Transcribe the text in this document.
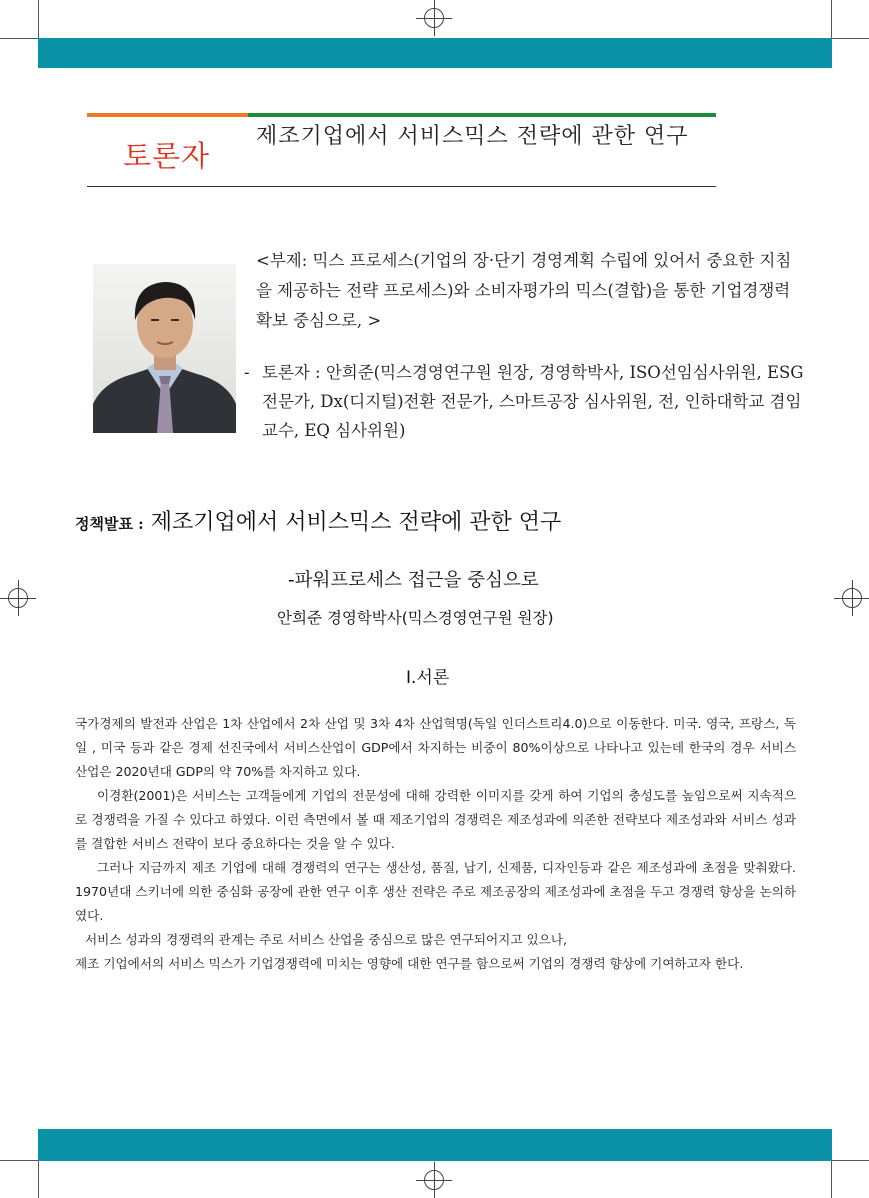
토론자
제조기업에서 서비스믹스 전략에 관한 연구
<부제: 믹스 프로세스(기업의 장·단기 경영계획 수립에 있어서 중요한 지침을 제공하는 전략 프로세스)와 소비자평가의 믹스(결합)을 통한 기업경쟁력 확보 중심으로, >
- 토론자 : 안희준(믹스경영연구원 원장, 경영학박사, ISO선임심사위원, ESG전문가, Dx(디지털)전환 전문가, 스마트공장 심사위원, 전, 인하대학교 겸임교수, EQ 심사위원)
정책발표 : 제조기업에서 서비스믹스 전략에 관한 연구
-파워프로세스 접근을 중심으로
안희준 경영학박사(믹스경영연구원 원장)
Ⅰ.서론

국가경제의 발전과 산업은 1차 산업에서 2차 산업 및 3차 4차 산업혁명(독일 인더스트리4.0)으로 이동한다. 미국. 영국, 프랑스, 독일 , 미국 등과 같은 경제 선진국에서 서비스산업이 GDP에서 차지하는 비중이 80%이상으로 나타나고 있는데 한국의 경우 서비스 산업은 2020년대 GDP의 약 70%를 차지하고 있다.

이경환(2001)은 서비스는 고객들에게 기업의 전문성에 대해 강력한 이미지를 갖게 하여 기업의 충성도를 높임으로써 지속적으로 경쟁력을 가질 수 있다고 하였다. 이런 측면에서 볼 때 제조기업의 경쟁력은 제조성과에 의존한 전략보다 제조성과와 서비스 성과를 결합한 서비스 전략이 보다 중요하다는 것을 알 수 있다.

그러나 지금까지 제조 기업에 대해 경쟁력의 연구는 생산성, 품질, 납기, 신제품, 디자인등과 같은 제조성과에 초점을 맞춰왔다. 1970년대 스키너에 의한 중심화 공장에 관한 연구 이후 생산 전략은 주로 제조공장의 제조성과에 초점을 두고 경쟁력 향상을 논의하였다.

서비스 성과의 경쟁력의 관계는 주로 서비스 산업을 중심으로 많은 연구되어지고 있으나,

제조 기업에서의 서비스 믹스가 기업경쟁력에 미치는 영향에 대한 연구를 함으로써 기업의 경쟁력 향상에 기여하고자 한다.
